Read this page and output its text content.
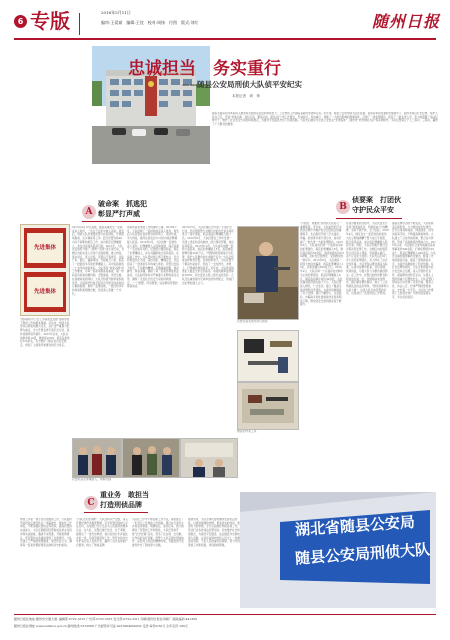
6 专版	2016年5月11日
编审:王爱斌　编辑:王忱　校对:周扬　付图　版式:刘红	随州日报
忠诚担当　务实重行
——随县公安局刑侦大队侦平安纪实
本报记者　黄　帅
随着全面深化改革的深入推进和全面依法治县的持续发力，公安刑侦工作面临着新的形势和任务。近年来，随县公安局刑侦大队在县委、县政府和局党委的坚强领导下，始终坚持以打击犯罪、保护人民为己任，坚持“命案必破、逃犯必追、要案必侦、团伙必打”的工作理念，忠诚担当、务实重行，侦破了一大批有影响的刑事案件，打掉了一批犯罪团伙，抓获了一批在逃人员，有力地震慑了违法犯罪分子，维护了社会治安大局的持续稳定，为建设平安随县作出了积极贡献。大队先后被评为全省公安机关“先进集体”、随州市“优秀刑侦大队”等荣誉称号，多名民警荣立个人二等功、三等功，赢得了广大群众的赞誉。
A
破命案　抓逃犯
彰显严打声威
先进集体
先进集体
“推动新时代公安工作高质量发展”是新形势下刑侦工作的根本遵循。近年来，刑侦大队坚持以命案侦破为龙头，以打击严重暴力犯罪为重点，全力开展各类专项打击行动，案件侦破率逐年提升。2015年以来，大队共侦破命案10起，破案率100%，抓获各类逃犯120余名，有力维护了辖区社会治安稳定，得到了上级领导和群众的充分肯定。
2015年4月12日凌晨，随县某镇发生一起故意杀人案件，一名女子在家中被人杀害。案发后，刑侦大队迅速组织警力赶赴现场，开展现场勘查、走访调查等工作。经过民警连续48小时不间断的艰苦工作，成功锁定犯罪嫌疑人，并在外省将其抓获归案。2015年，大队先后组织开展了“清网”“追逃”等专项行动，对辖区内的在逃人员进行全面梳理，建立档案，落实责任，逐人攻坚。民警们不畏艰辛，远赴广东、浙江、福建等地，行程数万公里，抓获了一批潜逃多年的犯罪嫌疑人，其中包括潜逃二十余年的命案逃犯。大队坚持“命案必破”的工作要求，对每一起命案都高度重视，第一时间启动命案侦破机制，全警参战，攻坚克难。在侦破命案的同时，大队还积极开展命案积案攻坚，运用现代科技手段对历年积压的命案进行重新梳理，取得了显著成效，一批沉积多年的命案积案相继告破，给受害人家属一个交代。
命案侦查是刑侦工作的重中之重。2016年1月，大队侦破了一起持枪故意杀人案件，案发后大队民警在县局领导的带领下，连续作战，多方排查，最终在案发后72小时内将犯罪嫌疑人抓获。2016年3月，大队侦破一起抢劫杀人案件，犯罪嫌疑人为获取钱财，残忍杀害了一名出租车司机，民警经过缜密侦查，锁定了犯罪嫌疑人，并在其藏匿地点将其抓获。在追逃工作中，大队坚持网上网下相结合，充分利用信息化手段，深挖线索，精确定位，先后抓获了一批潜逃多年的重大逃犯。民警们发扬不怕苦、不怕累的精神，克服重重困难，昼夜蹲守，跨省追捕，确保了每一起案件都能依法查处。大队始终保持对严重暴力犯罪的高压态势，确保了全县社会治安大局的持续稳定。“一日刑警，终身刑警。”这是刑侦民警的铮铮誓言。
2015年5月，大队在辖区内开展了专项打击行动，先后组织警力对辖区内的治安复杂场所进行了集中清查，抓获违法犯罪嫌疑人数十名。2015年8月，大队民警在工作中发现一名网上逃犯的活动轨迹，经过周密部署，成功将其抓获。2015年10月，大队成功侦破一起特大盗窃案，抓获犯罪嫌疑人5名，追回被盗财物价值20余万元。“刑警的职责就是打击犯罪，保护人民群众的生命财产安全。”大队长经常这样教育民警。在他的带领下，大队民警个个都是办案能手，形成了一支拉得出、冲得上、打得赢的刑侦铁军。近年来，大队抓获的逃犯人数在全市名列前茅，命案侦破率始终保持100%，多次受到上级公安机关的表彰。大队还注重加强与兄弟单位的协作配合，形成打击犯罪的强大合力。
民警在案发现场进行勘查
民警抓获犯罪嫌疑人，押解回随
B
侦要案　打团伙
守护民众平安
“打团伙、侦要案”是刑侦大队的又一重要职责。近年来，大队始终把打击团伙犯罪作为维护社会治安稳定的重要抓手，先后组织开展了打击盗窃、诈骗、抢劫等多类专项行动，成功打掉了一批危害一方的犯罪团伙。2015年6月，大队成功打掉一个盗窃电动车的犯罪团伙，抓获犯罪嫌疑人8名，破获盗窃案件50余起，追回被盗电动车30余辆，及时发还给群众，受到群众的一致好评。2015年9月，大队破获一起特大电信诈骗案，抓获犯罪嫌疑人12名，涉案金额达200余万元。2016年2月，大队打掉一个以盗窃农村耕牛为主的犯罪团伙，抓获犯罪嫌疑人6名，破获盗窃耕牛案件30余起，为农民挽回经济损失数十万元。大队民警深入群众，广泛发动，建立了覆盖全县的情报信息网络，为案件侦破提供了有力支撑。通过不懈努力，全县盗窃、诈骗等多发性侵财案件发案率明显下降，群众的安全感和满意度不断提升。
在侦办要案的过程中，大队民警充分发扬“特别能吃苦、特别能战斗”的精神，坚持不破不休，全力以赴。2016年4月，辖区发生一起恶性抢劫案件，大队立即抽调精干警力成立专案组，经过连续奋战，成功将犯罪嫌疑人抓获归案。同时，大队还积极开展打击涉黑涉恶犯罪工作，对辖区内的黑恶势力进行深入排查，坚持露头就打，决不让其坐大成势。大队先后打掉了多个涉恶犯罪团伙，有力净化了社会治安环境。大队坚持以群众满意为标准，认真对待群众报案，及时受理，快速侦查，尽最大努力为群众挽回损失。在工作中，民警们始终把群众的利益放在第一位，热情接待来访群众，耐心解答群众疑问，树立了公安刑侦队伍的良好形象。“群众的事再小也是大事”，这是大队全体民警的共识，也是他们一直坚持的工作原则。
随着犯罪形态的不断变化，大队积极适应新形势，大力推进信息化建设，充分运用视频侦查、网络侦查、技术侦查等手段，不断提高破案效率。大队建立了合成作战机制，整合各方资源，形成了侦查破案的整体合力。2015年以来，大队通过合成作战破获各类刑事案件300余起，打掉犯罪团伙20余个，抓获犯罪嫌疑人200余名。大队还注重加强刑事技术建设，配备了先进的勘查设备，提高了现场勘查水平，为案件侦破提供了科学依据。在打击犯罪的同时，大队还积极参与社会治安综合治理，深入开展防范宣传，提高群众的防范意识，从源头上预防和减少犯罪的发生。大队民警们用实际行动诠释了对党忠诚、服务人民、执法公正、纪律严明的警察誓言，守护着一方平安。大队的工作得到了上级领导和广大群众的高度认可，多次受到表彰。
缴获的作案工具
C
重业务　敢担当
打造刑侦品牌
刑侦工作是一项专业性很强的工作，大队始终坚持把队伍建设作为一项基础性、根本性工作来抓，不断加强民警的业务培训，提高民警的实战能力。大队定期组织民警参加各类业务培训和实战演练，邀请专家授课，开展案例研讨，使民警的业务素质得到了全面提升。大队还建立了严格的管理制度，规范执法行为，确保每一起案件都经得起法律和历史的检验。
“打铁还需自身硬”。大队坚持从严治警，深入开展纪律作风教育整顿，引导民警牢固树立宗旨意识，自觉践行全心全意为人民服务的根本宗旨。在大队，民警们敢于担当、甘于奉献，涌现出了一批先进典型。他们有的长年奔波在办案一线，有的带病坚持工作，用汗水和付出守护着全县人民的平安，赢得了社会各界的广泛赞誉，树立了刑侦品牌。
大队在工作中不断创新工作方法，探索建立了一系列行之有效的工作机制。通过实行案件主办侦查员制度，明确责任，落实任务，极大地调动了民警的工作积极性。大队还坚持开展“比学赶超”活动，营造了比业绩、比贡献、比作风的良好氛围，使整个大队呈现出团结协作、奋发向上的良好精神风貌，为随县的平安建设作出了新的更大贡献。
展望未来，大队全体民警将继续发扬优良传统，以更加饱满的热情、更加务实的作风、更加有力的举措，全力以赴做好刑侦各项工作，坚决打击各类违法犯罪活动，切实维护社会和谐稳定，为建设平安随县、法治随县作出新的更大贡献，以优异成绩向党和人民交上一份满意的答卷，不负人民的重托和期望，努力开创刑侦工作新局面，再创新的辉煌。
湖北省随县公安局
随县公安局刑侦大队
随州日报社地址:随州市交通大道··编辑部:0722-3315 广告部:0722-3315 发行部:0722-3311 印刷:随州日报社印刷厂 邮政编码:441300
随州日报社网址:www.suizhou.gov.cn 新闻热线:3315066 广告经营许可证:4213004000032 定价:每份0.50元 全年定价:180元
